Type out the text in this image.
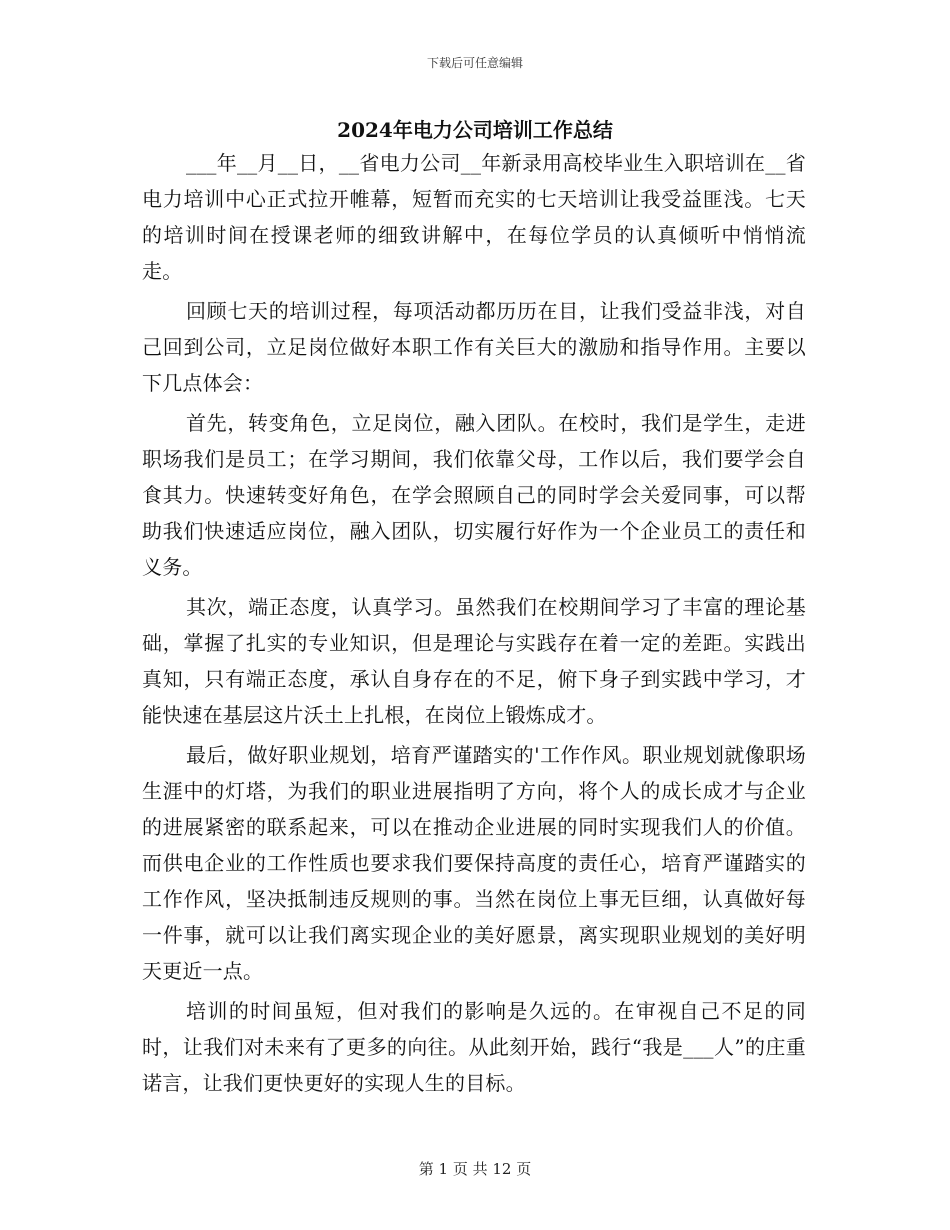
下载后可任意编辑
2024年电力公司培训工作总结

___年__月__日，__省电力公司__年新录用高校毕业生入职培训在__省电力培训中心正式拉开帷幕，短暂而充实的七天培训让我受益匪浅。七天的培训时间在授课老师的细致讲解中，在每位学员的认真倾听中悄悄流走。

回顾七天的培训过程，每项活动都历历在目，让我们受益非浅，对自己回到公司，立足岗位做好本职工作有关巨大的激励和指导作用。主要以下几点体会：

首先，转变角色，立足岗位，融入团队。在校时，我们是学生，走进职场我们是员工；在学习期间，我们依靠父母，工作以后，我们要学会自食其力。快速转变好角色，在学会照顾自己的同时学会关爱同事，可以帮助我们快速适应岗位，融入团队，切实履行好作为一个企业员工的责任和义务。

其次，端正态度，认真学习。虽然我们在校期间学习了丰富的理论基础，掌握了扎实的专业知识，但是理论与实践存在着一定的差距。实践出真知，只有端正态度，承认自身存在的不足，俯下身子到实践中学习，才能快速在基层这片沃土上扎根，在岗位上锻炼成才。

最后，做好职业规划，培育严谨踏实的'工作作风。职业规划就像职场生涯中的灯塔，为我们的职业进展指明了方向，将个人的成长成才与企业的进展紧密的联系起来，可以在推动企业进展的同时实现我们人的价值。而供电企业的工作性质也要求我们要保持高度的责任心，培育严谨踏实的工作作风，坚决抵制违反规则的事。当然在岗位上事无巨细，认真做好每一件事，就可以让我们离实现企业的美好愿景，离实现职业规划的美好明天更近一点。

培训的时间虽短，但对我们的影响是久远的。在审视自己不足的同时，让我们对未来有了更多的向往。从此刻开始，践行“我是___人”的庄重诺言，让我们更快更好的实现人生的目标。

第 1 页 共 12 页
